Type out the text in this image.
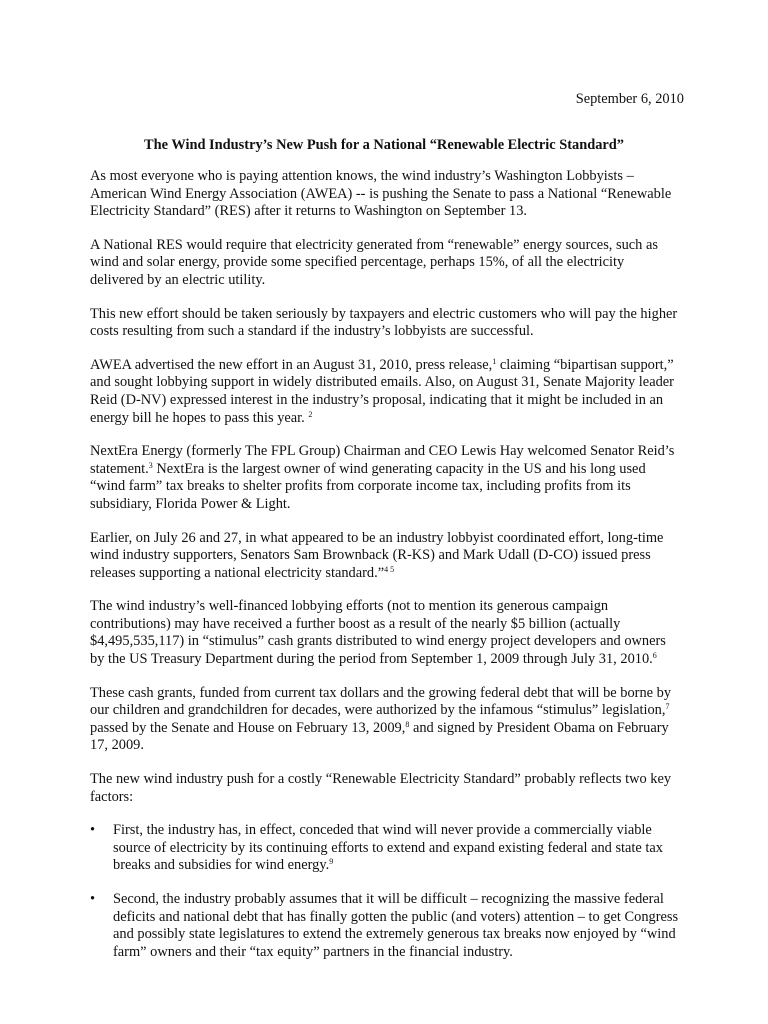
September 6, 2010
The Wind Industry’s New Push for a National “Renewable Electric Standard”

As most everyone who is paying attention knows, the wind industry’s Washington Lobbyists – American Wind Energy Association (AWEA) -- is pushing the Senate to pass a National “Renewable Electricity Standard” (RES) after it returns to Washington on September 13.

A National RES would require that electricity generated from “renewable” energy sources, such as wind and solar energy, provide some specified percentage, perhaps 15%, of all the electricity delivered by an electric utility.

This new effort should be taken seriously by taxpayers and electric customers who will pay the higher costs resulting from such a standard if the industry’s lobbyists are successful.

AWEA advertised the new effort in an August 31, 2010, press release,$^1$ claiming “bipartisan support,” and sought lobbying support in widely distributed emails. Also, on August 31, Senate Majority leader Reid (D-NV) expressed interest in the industry’s proposal, indicating that it might be included in an energy bill he hopes to pass this year. $^2$

NextEra Energy (formerly The FPL Group) Chairman and CEO Lewis Hay welcomed Senator Reid’s statement.$^3$ NextEra is the largest owner of wind generating capacity in the US and his long used “wind farm” tax breaks to shelter profits from corporate income tax, including profits from its subsidiary, Florida Power & Light.

Earlier, on July 26 and 27, in what appeared to be an industry lobbyist coordinated effort, long-time wind industry supporters, Senators Sam Brownback (R-KS) and Mark Udall (D-CO) issued press releases supporting a national electricity standard.”$^{4 5}$

The wind industry’s well-financed lobbying efforts (not to mention its generous campaign contributions) may have received a further boost as a result of the nearly $5 billion (actually $4,495,535,117) in “stimulus” cash grants distributed to wind energy project developers and owners by the US Treasury Department during the period from September 1, 2009 through July 31, 2010.$^6$

These cash grants, funded from current tax dollars and the growing federal debt that will be borne by our children and grandchildren for decades, were authorized by the infamous “stimulus” legislation,$^7$ passed by the Senate and House on February 13, 2009,$^8$ and signed by President Obama on February 17, 2009.

The new wind industry push for a costly “Renewable Electricity Standard” probably reflects two key factors:

• First, the industry has, in effect, conceded that wind will never provide a commercially viable source of electricity by its continuing efforts to extend and expand existing federal and state tax breaks and subsidies for wind energy.$^9$
• Second, the industry probably assumes that it will be difficult – recognizing the massive federal deficits and national debt that has finally gotten the public (and voters) attention – to get Congress and possibly state legislatures to extend the extremely generous tax breaks now enjoyed by “wind farm” owners and their “tax equity” partners in the financial industry.
